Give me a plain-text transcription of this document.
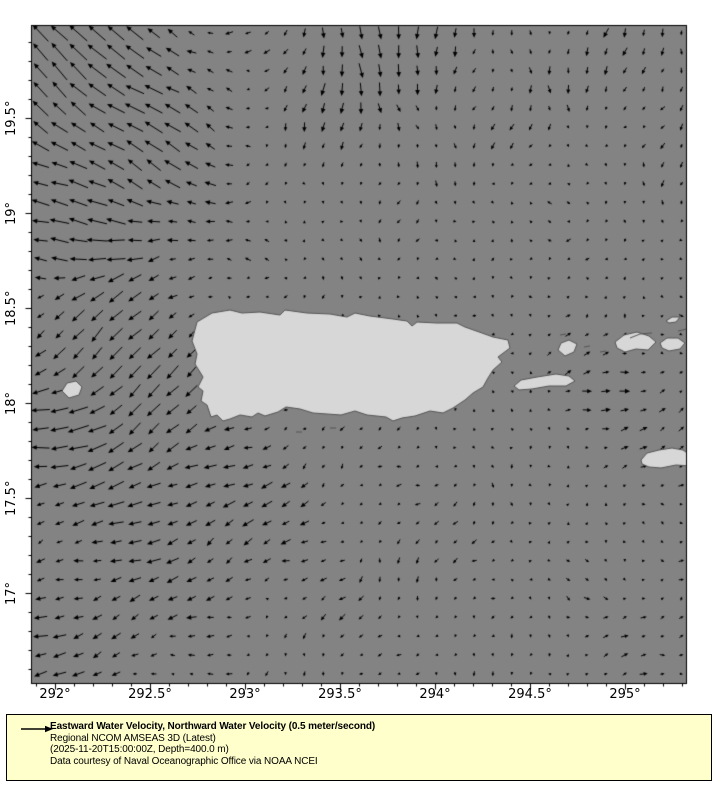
292°	292.5°	293°	293.5°	294°	294.5°	295°
17°
17.5°
18°
18.5°
19°
19.5°
Eastward Water Velocity, Northward Water Velocity (0.5 meter/second)
Regional NCOM AMSEAS 3D (Latest)
(2025-11-20T15:00:00Z, Depth=400.0 m)
Data courtesy of Naval Oceanographic Office via NOAA NCEI
